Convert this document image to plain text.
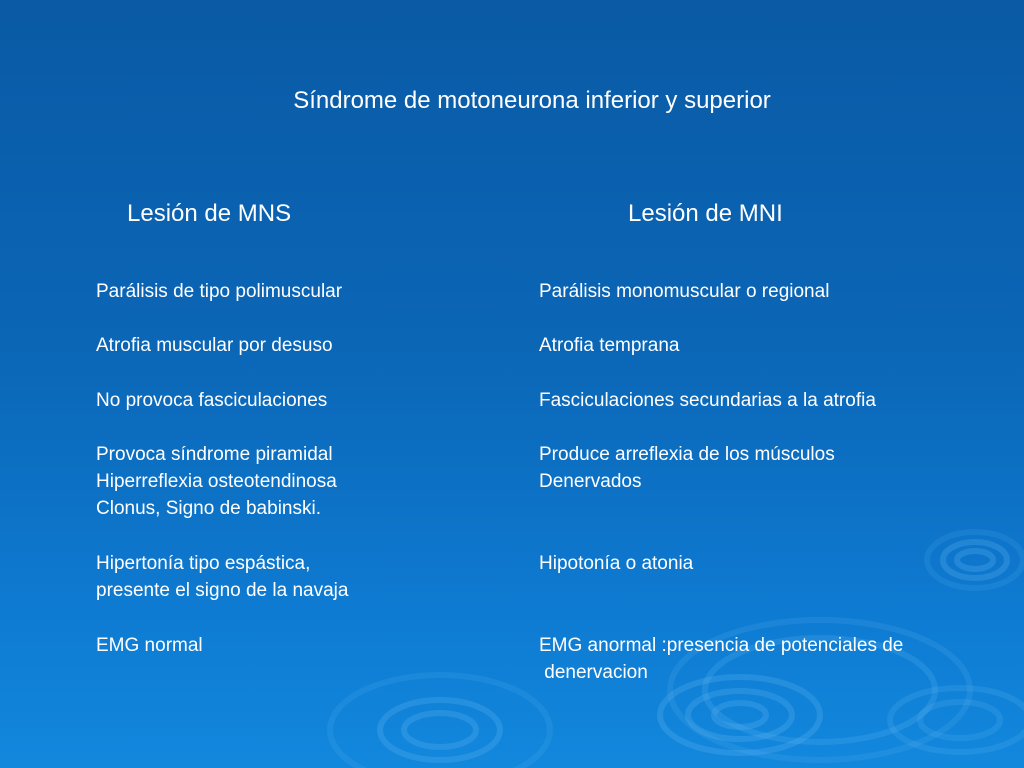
Síndrome de motoneurona inferior y superior
Lesión de MNS	Lesión de MNI
Parálisis de tipo polimuscular
Atrofia muscular por desuso
No provoca fasciculaciones
Provoca síndrome piramidal
Hiperreflexia osteotendinosa
Clonus, Signo de babinski.
Hipertonía tipo espástica,
presente el signo de la navaja
EMG normal
Parálisis monomuscular o regional
Atrofia temprana
Fasciculaciones secundarias a la atrofia
Produce arreflexia de los músculos
Denervados
Hipotonía o atonia
EMG anormal :presencia de potenciales de
denervacion
